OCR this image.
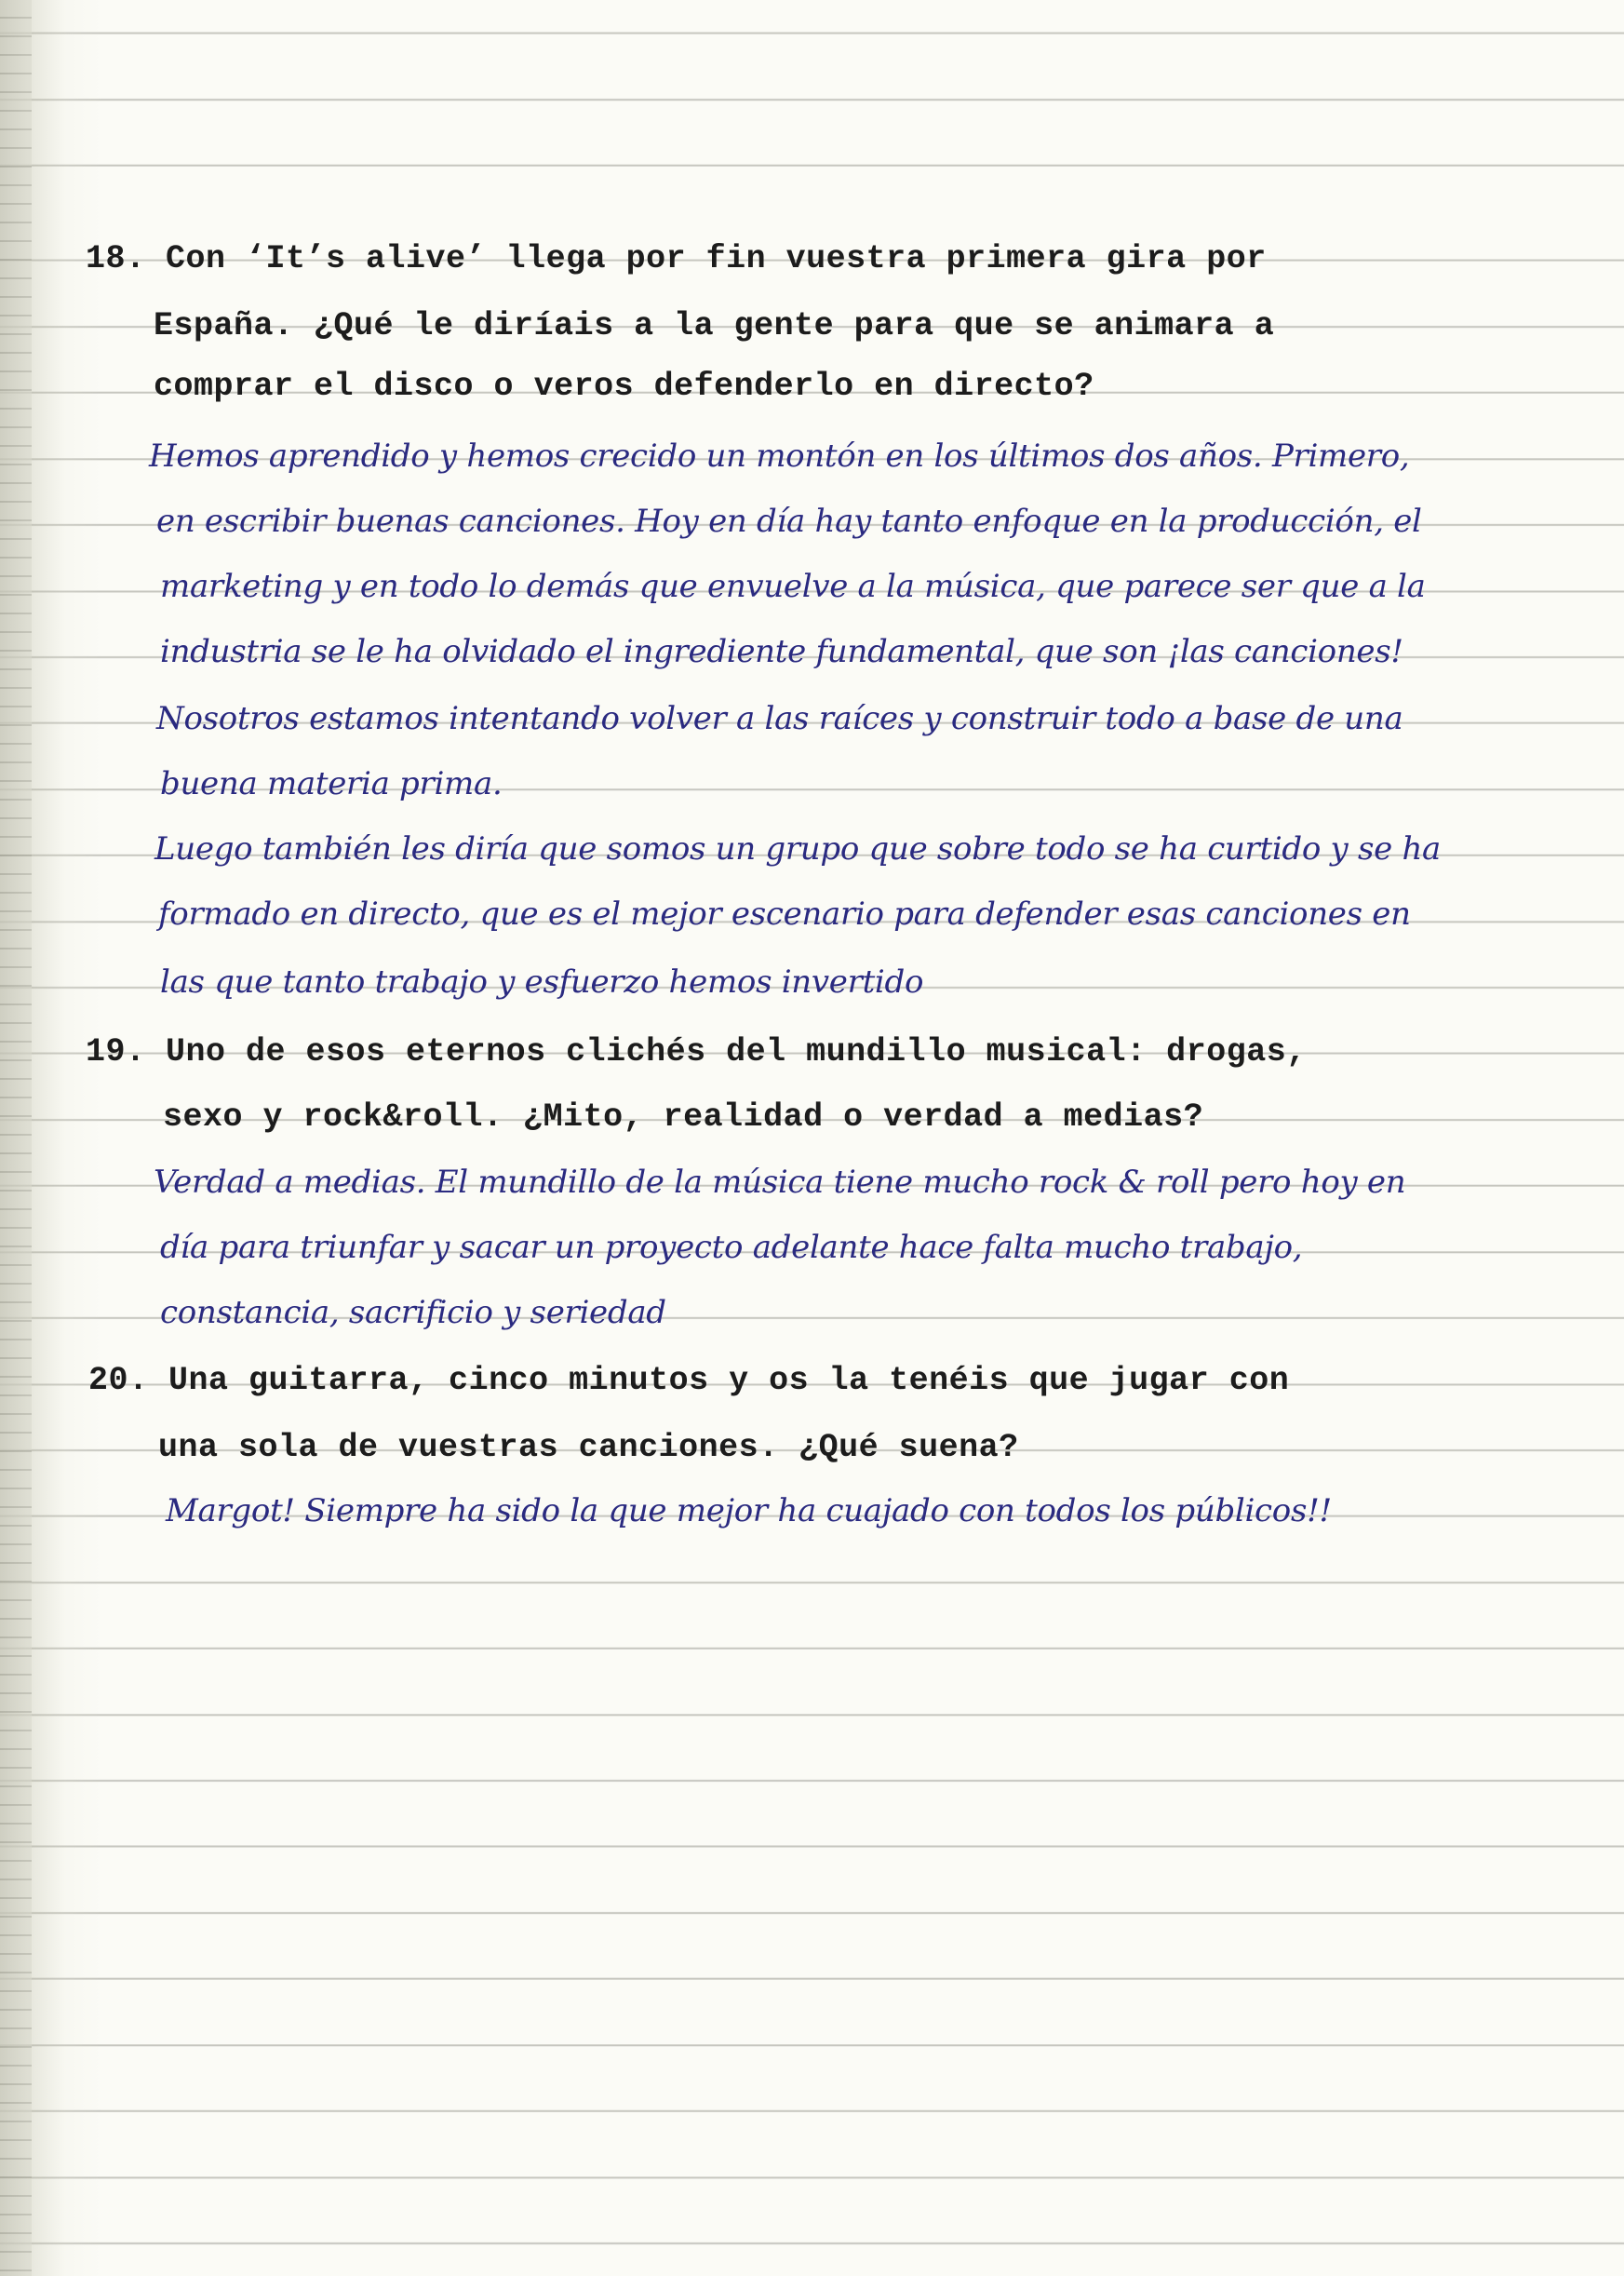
18. Con ‘It’s alive’ llega por fin vuestra primera gira por
España. ¿Qué le diríais a la gente para que se animara a
comprar el disco o veros defenderlo en directo?
Hemos aprendido y hemos crecido un montón en los últimos dos años. Primero,
en escribir buenas canciones. Hoy en día hay tanto enfoque en la producción, el
marketing y en todo lo demás que envuelve a la música, que parece ser que a la
industria se le ha olvidado el ingrediente fundamental, que son ¡las canciones!
Nosotros estamos intentando volver a las raíces y construir todo a base de una
buena materia prima.
Luego también les diría que somos un grupo que sobre todo se ha curtido y se ha
formado en directo, que es el mejor escenario para defender esas canciones en
las que tanto trabajo y esfuerzo hemos invertido
19. Uno de esos eternos clichés del mundillo musical: drogas,
sexo y rock&roll. ¿Mito, realidad o verdad a medias?
Verdad a medias. El mundillo de la música tiene mucho rock & roll pero hoy en
día para triunfar y sacar un proyecto adelante hace falta mucho trabajo,
constancia, sacrificio y seriedad
20. Una guitarra, cinco minutos y os la tenéis que jugar con
una sola de vuestras canciones. ¿Qué suena?
Margot! Siempre ha sido la que mejor ha cuajado con todos los públicos!!
